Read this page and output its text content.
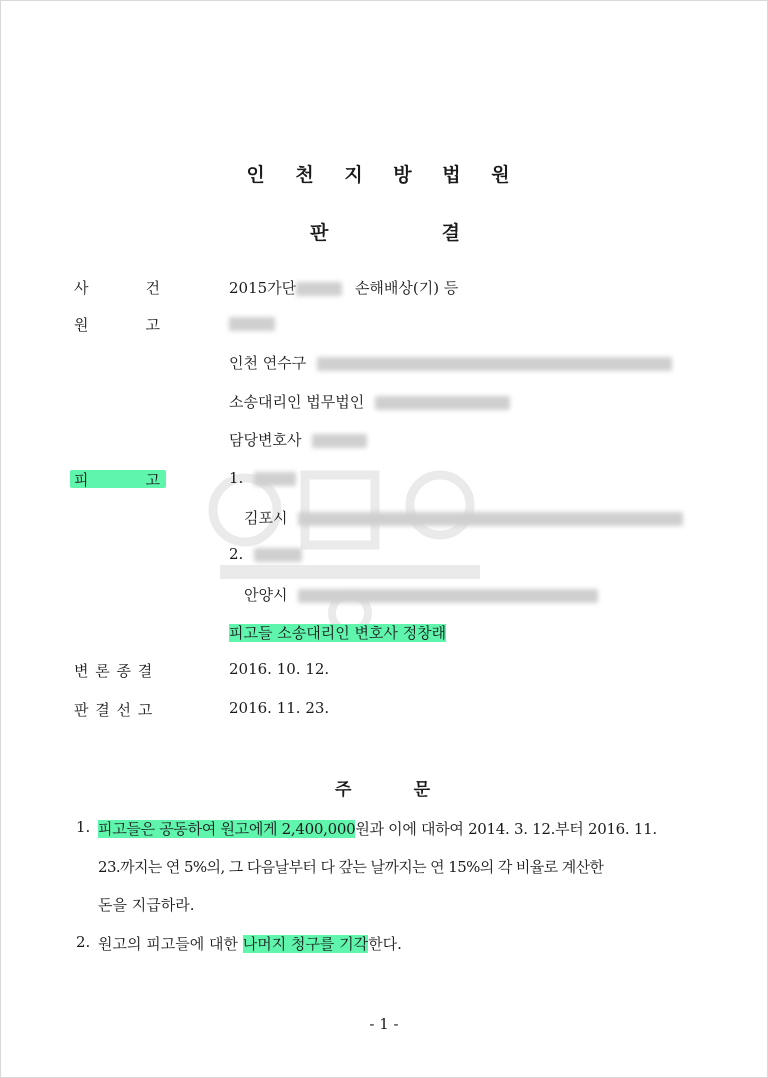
인 천 지 방 법 원
판	결
사	건	2015가단	손해배상(기) 등
원	고
인천 연수구
소송대리인 법무법인
담당변호사
피	고	1.
김포시
2.
안양시
피고들 소송대리인 변호사 정창래
변 론 종 결	2016. 10. 12.
판 결 선 고	2016. 11. 23.
주	문
1. 피고들은 공동하여 원고에게 2,400,000원과 이에 대하여 2014. 3. 12.부터 2016. 11.
23.까지는 연 5%의, 그 다음날부터 다 갚는 날까지는 연 15%의 각 비율로 계산한
돈을 지급하라.
2. 원고의 피고들에 대한 나머지 청구를 기각한다.
- 1 -
